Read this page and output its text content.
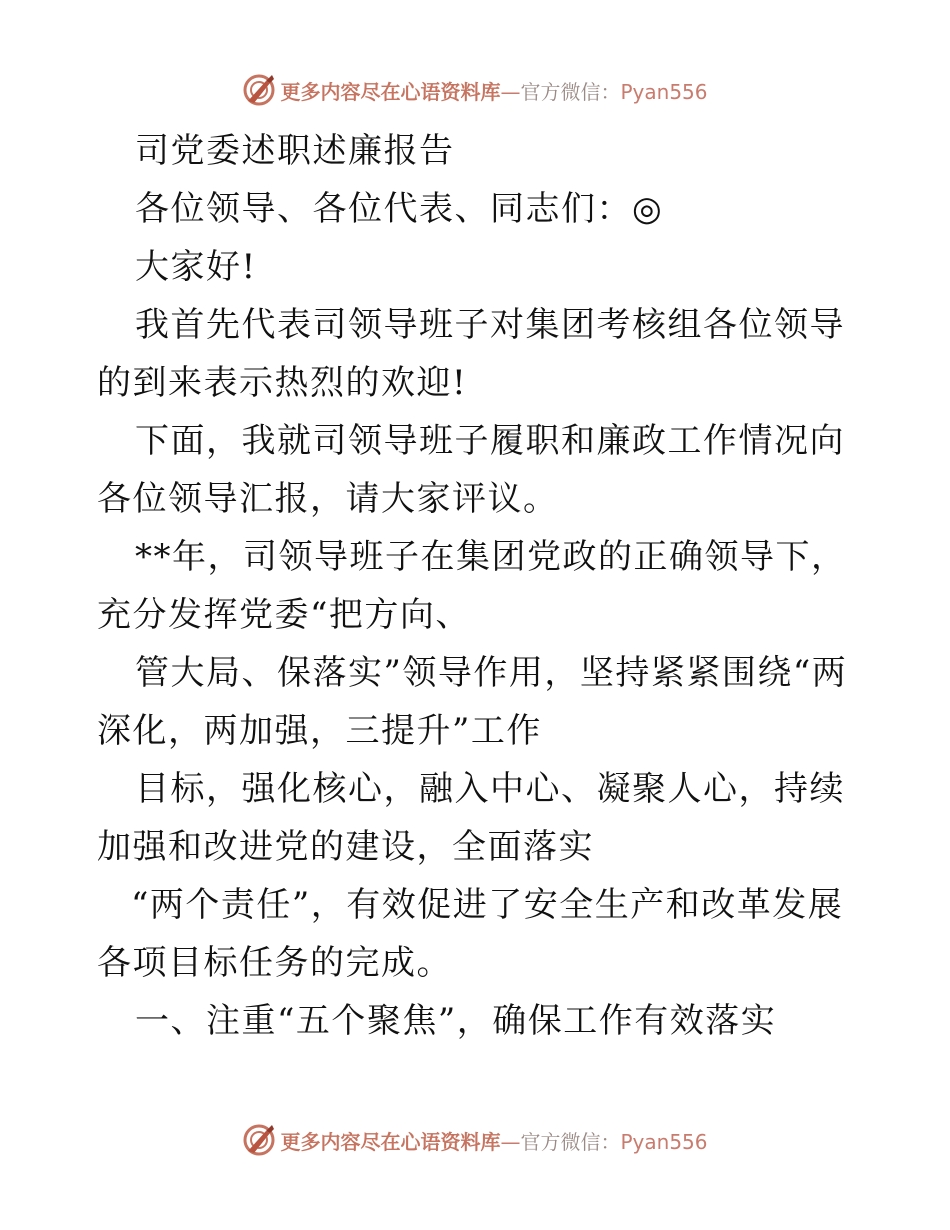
更多内容尽在心语资料库—官方微信：Pyan556

司党委述职述廉报告

各位领导、各位代表、同志们：◎

大家好!

我首先代表司领导班子对集团考核组各位领导的到来表示热烈的欢迎!

下面，我就司领导班子履职和廉政工作情况向各位领导汇报，请大家评议。

**年，司领导班子在集团党政的正确领导下，充分发挥党委“把方向、

管大局、保落实”领导作用，坚持紧紧围绕“两深化，两加强，三提升”工作

目标，强化核心，融入中心、凝聚人心，持续加强和改进党的建设，全面落实

“两个责任”，有效促进了安全生产和改革发展各项目标任务的完成。

一、注重“五个聚焦”，确保工作有效落实

更多内容尽在心语资料库—官方微信：Pyan556
